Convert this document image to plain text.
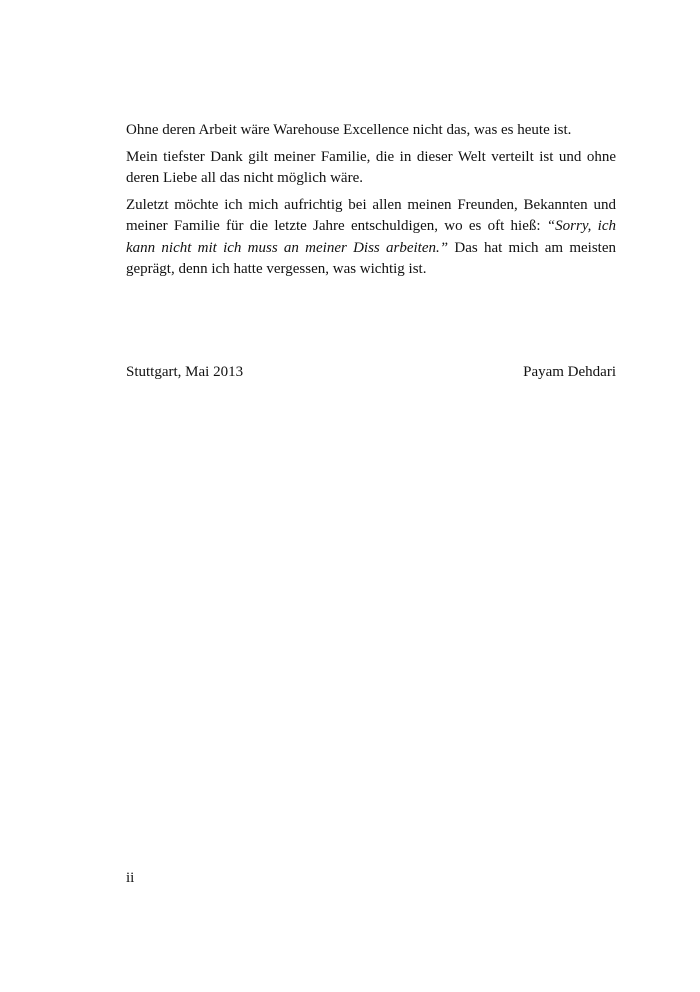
Ohne deren Arbeit wäre Warehouse Excellence nicht das, was es heute ist.

Mein tiefster Dank gilt meiner Familie, die in dieser Welt verteilt ist und ohne deren Liebe all das nicht möglich wäre.

Zuletzt möchte ich mich aufrichtig bei allen meinen Freunden, Bekannten und meiner Familie für die letzte Jahre entschuldigen, wo es oft hieß: “Sorry, ich kann nicht mit ich muss an meiner Diss arbeiten.” Das hat mich am meisten geprägt, denn ich hatte vergessen, was wichtig ist.

Stuttgart, Mai 2013	Payam Dehdari
ii
